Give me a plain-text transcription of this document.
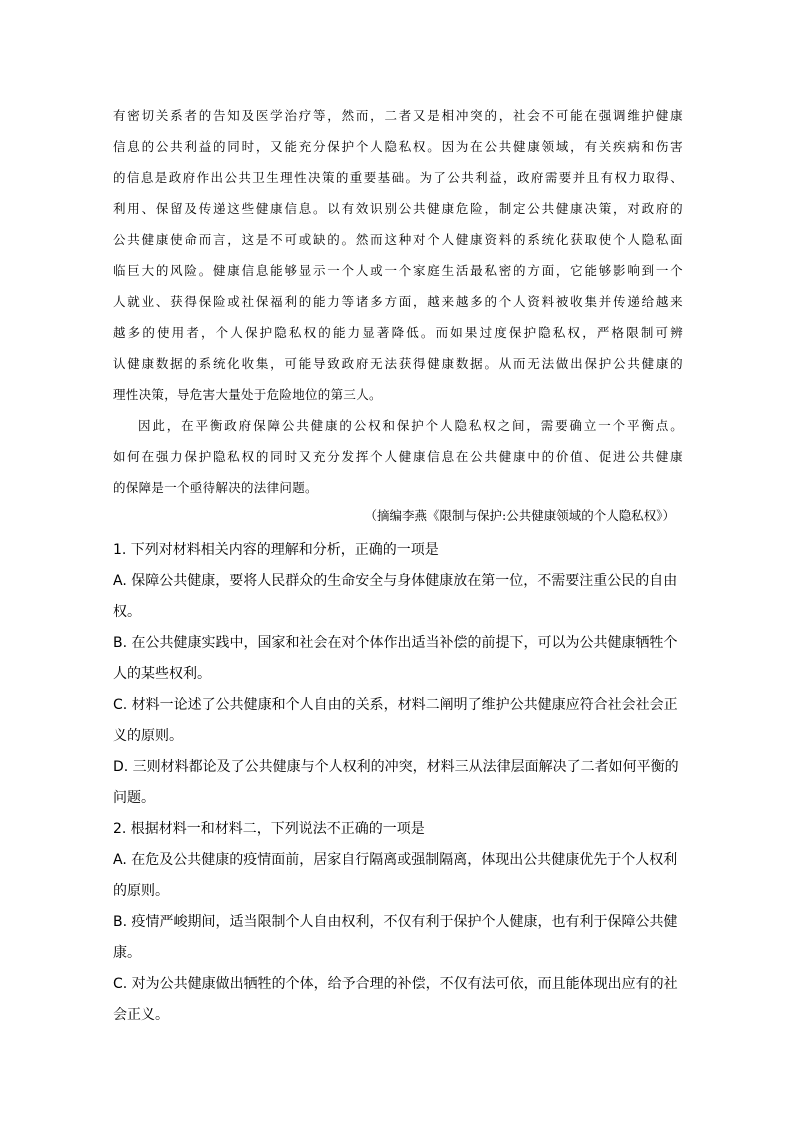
有密切关系者的告知及医学治疗等，然而，二者又是相冲突的，社会不可能在强调维护健康
信息的公共利益的同时，又能充分保护个人隐私权。因为在公共健康领域，有关疾病和伤害
的信息是政府作出公共卫生理性决策的重要基础。为了公共利益，政府需要并且有权力取得、
利用、保留及传递这些健康信息。以有效识别公共健康危险，制定公共健康决策，对政府的
公共健康使命而言，这是不可或缺的。然而这种对个人健康资料的系统化获取使个人隐私面
临巨大的风险。健康信息能够显示一个人或一个家庭生活最私密的方面，它能够影响到一个
人就业、获得保险或社保福利的能力等诸多方面，越来越多的个人资料被收集并传递给越来
越多的使用者，个人保护隐私权的能力显著降低。而如果过度保护隐私权，严格限制可辨
认健康数据的系统化收集，可能导致政府无法获得健康数据。从而无法做出保护公共健康的
理性决策，导危害大量处于危险地位的第三人。
因此，在平衡政府保障公共健康的公权和保护个人隐私权之间，需要确立一个平衡点。
如何在强力保护隐私权的同时又充分发挥个人健康信息在公共健康中的价值、促进公共健康
的保障是一个亟待解决的法律问题。
（摘编李燕《限制与保护:公共健康领域的个人隐私权》）
1. 下列对材料相关内容的理解和分析，正确的一项是
A. 保障公共健康，要将人民群众的生命安全与身体健康放在第一位，不需要注重公民的自由
权。
B. 在公共健康实践中，国家和社会在对个体作出适当补偿的前提下，可以为公共健康牺牲个
人的某些权利。
C. 材料一论述了公共健康和个人自由的关系，材料二阐明了维护公共健康应符合社会社会正
义的原则。
D. 三则材料都论及了公共健康与个人权利的冲突，材料三从法律层面解决了二者如何平衡的
问题。
2. 根据材料一和材料二，下列说法不正确的一项是
A. 在危及公共健康的疫情面前，居家自行隔离或强制隔离，体现出公共健康优先于个人权利
的原则。
B. 疫情严峻期间，适当限制个人自由权利，不仅有利于保护个人健康，也有利于保障公共健
康。
C. 对为公共健康做出牺牲的个体，给予合理的补偿，不仅有法可依，而且能体现出应有的社
会正义。
